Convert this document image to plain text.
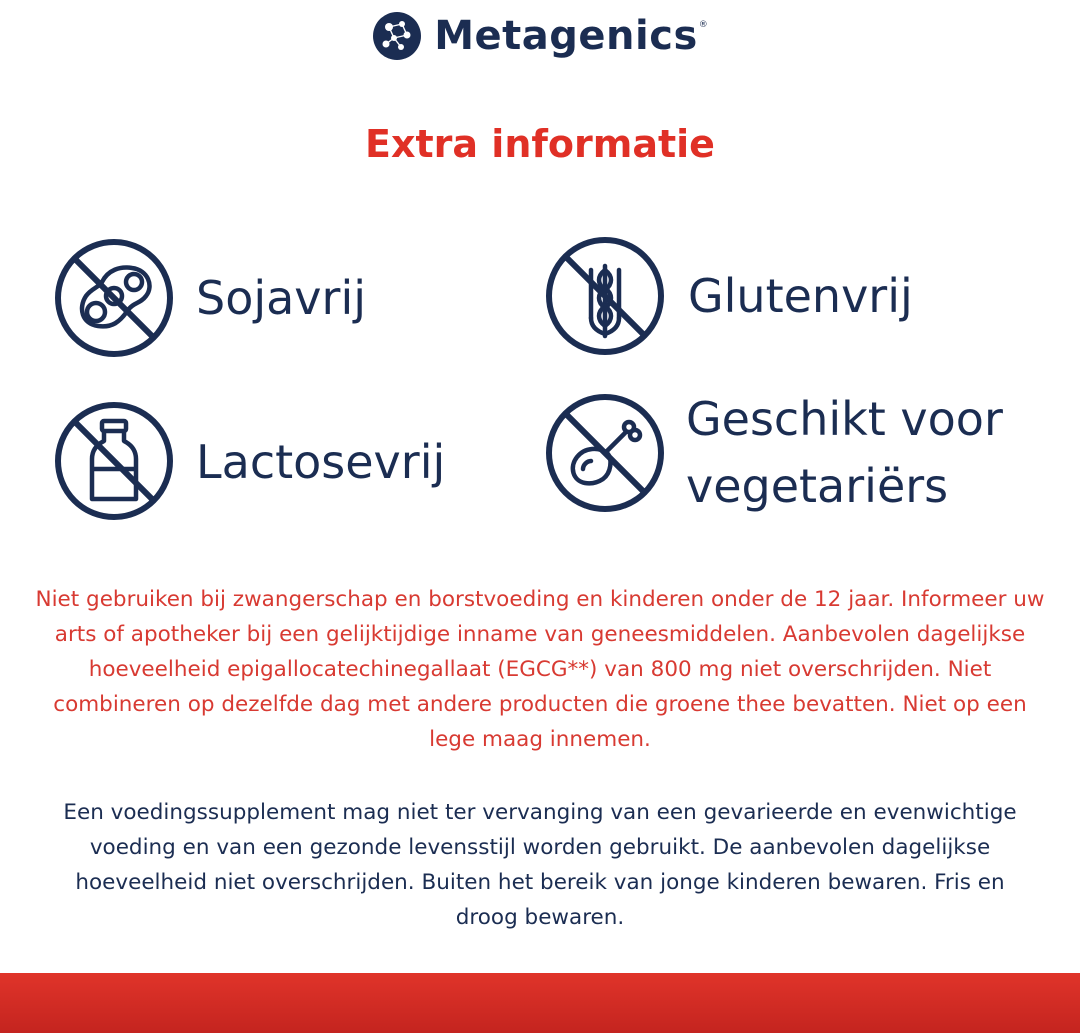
Metagenics ®
Extra informatie
Sojavrij	Glutenvrij
Lactosevrij
Geschikt voor
vegetariërs

Niet gebruiken bij zwangerschap en borstvoeding en kinderen onder de 12 jaar. Informeer uw arts of apotheker bij een gelijktijdige inname van geneesmiddelen. Aanbevolen dagelijkse hoeveelheid epigallocatechinegallaat (EGCG**) van 800 mg niet overschrijden. Niet combineren op dezelfde dag met andere producten die groene thee bevatten. Niet op een lege maag innemen.

Een voedingssupplement mag niet ter vervanging van een gevarieerde en evenwichtige voeding en van een gezonde levensstijl worden gebruikt. De aanbevolen dagelijkse hoeveelheid niet overschrijden. Buiten het bereik van jonge kinderen bewaren. Fris en droog bewaren.
